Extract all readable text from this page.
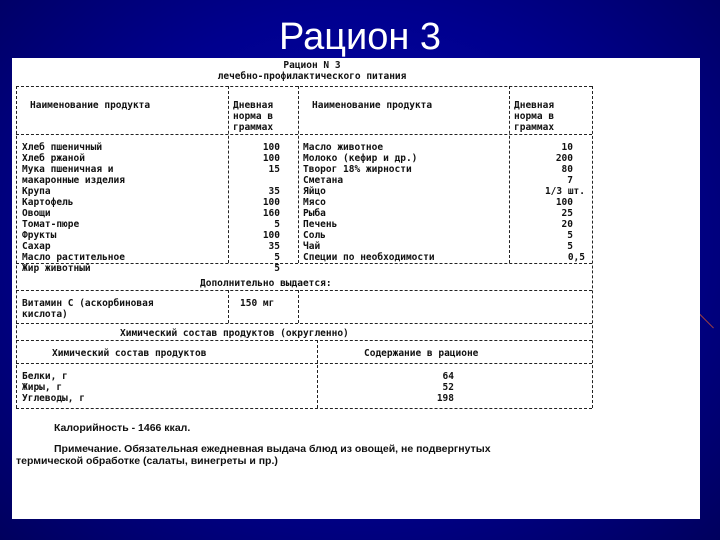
Рацион 3
Рацион N 3
лечебно-профилактического питания
Наименование продукта	Дневная
норма в
граммах
Наименование продукта	Дневная
норма в
граммах
Хлеб пшеничный	100
Хлеб ржаной	100
Мука пшеничная и	15
макаронные изделия
Крупа	35
Картофель	100
Овощи	160
Томат-пюре	5
Фрукты	100
Сахар	35
Масло растительное	5
Жир животный	5
Масло животное	10
Молоко (кефир и др.)	200
Творог 18% жирности	80
Сметана	7
Яйцо	1/3 шт.
Мясо	100
Рыба	25
Печень	20
Соль	5
Чай	5
Специи по необходимости	0,5
Дополнительно выдается:
Витамин С (аскорбиновая
кислота)
150 мг
Химический состав продуктов (округленно)
Химический состав продуктов	Содержание в рационе
Белки, г	64
Жиры, г	52
Углеводы, г	198
Калорийность - 1466 ккал.
Примечание. Обязательная ежедневная выдача блюд из овощей, не подвергнутых
термической обработке (салаты, винегреты и пр.)
